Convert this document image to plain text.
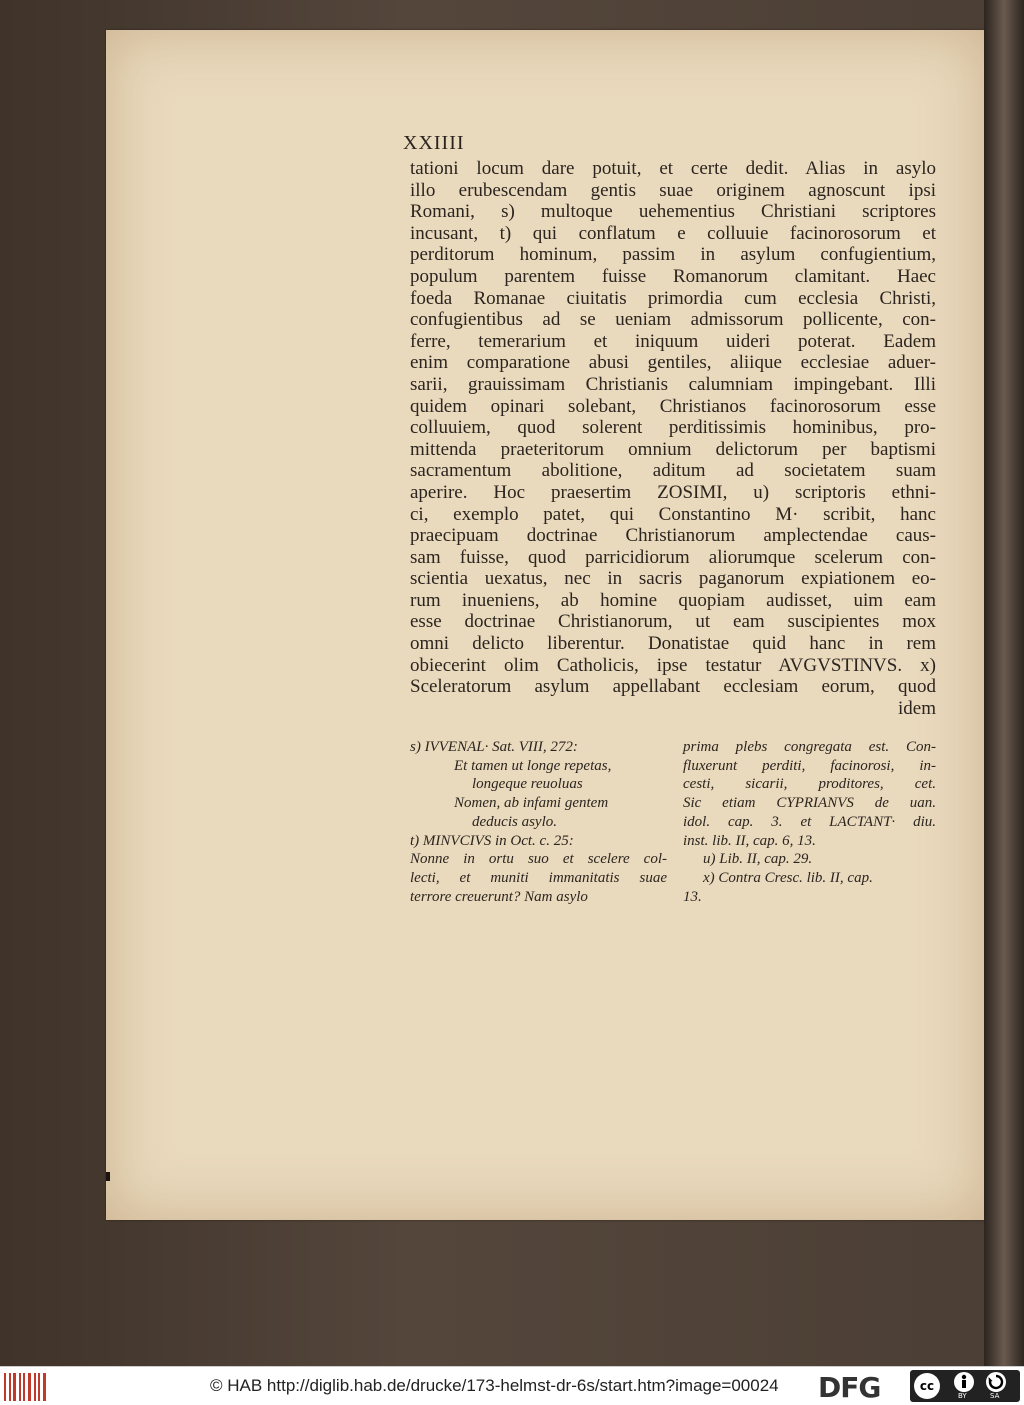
XXIIII
tationi locum dare potuit, et certe dedit. Alias in asylo
illo erubescendam gentis suae originem agnoscunt ipsi
Romani, s) multoque uehementius Christiani scriptores
incusant, t) qui conflatum e colluuie facinorosorum et
perditorum hominum, passim in asylum confugientium,
populum parentem fuisse Romanorum clamitant. Haec
foeda Romanae ciuitatis primordia cum ecclesia Christi,
confugientibus ad se ueniam admissorum pollicente, con-
ferre, temerarium et iniquum uideri poterat. Eadem
enim comparatione abusi gentiles, aliique ecclesiae aduer-
sarii, grauissimam Christianis calumniam impingebant. Illi
quidem opinari solebant, Christianos facinorosorum esse
colluuiem, quod solerent perditissimis hominibus, pro-
mittenda praeteritorum omnium delictorum per baptismi
sacramentum abolitione, aditum ad societatem suam
aperire. Hoc praesertim ZOSIMI, u) scriptoris ethni-
ci, exemplo patet, qui Constantino M· scribit, hanc
praecipuam doctrinae Christianorum amplectendae caus-
sam fuisse, quod parricidiorum aliorumque scelerum con-
scientia uexatus, nec in sacris paganorum expiationem eo-
rum inueniens, ab homine quopiam audisset, uim eam
esse doctrinae Christianorum, ut eam suscipientes mox
omni delicto liberentur. Donatistae quid hanc in rem
obiecerint olim Catholicis, ipse testatur AVGVSTINVS. x)
Sceleratorum asylum appellabant ecclesiam eorum, quod
idem
s) IVVENAL· Sat. VIII, 272:
Et tamen ut longe repetas,
longeque reuoluas
Nomen, ab infami gentem
deducis asylo.
t) MINVCIVS in Oct. c. 25:
Nonne in ortu suo et scelere col-
lecti, et muniti immanitatis suae
terrore creuerunt? Nam asylo
prima plebs congregata est. Con-
fluxerunt perditi, facinorosi, in-
cesti, sicarii, proditores, cet.
Sic etiam CYPRIANVS de uan.
idol. cap. 3. et LACTANT· diu.
inst. lib. II, cap. 6, 13.
u) Lib. II, cap. 29.
x) Contra Cresc. lib. II, cap.
13.
© HAB http://diglib.hab.de/drucke/173-helmst-dr-6s/start.htm?image=00024 DFG	cc
BY	SA
